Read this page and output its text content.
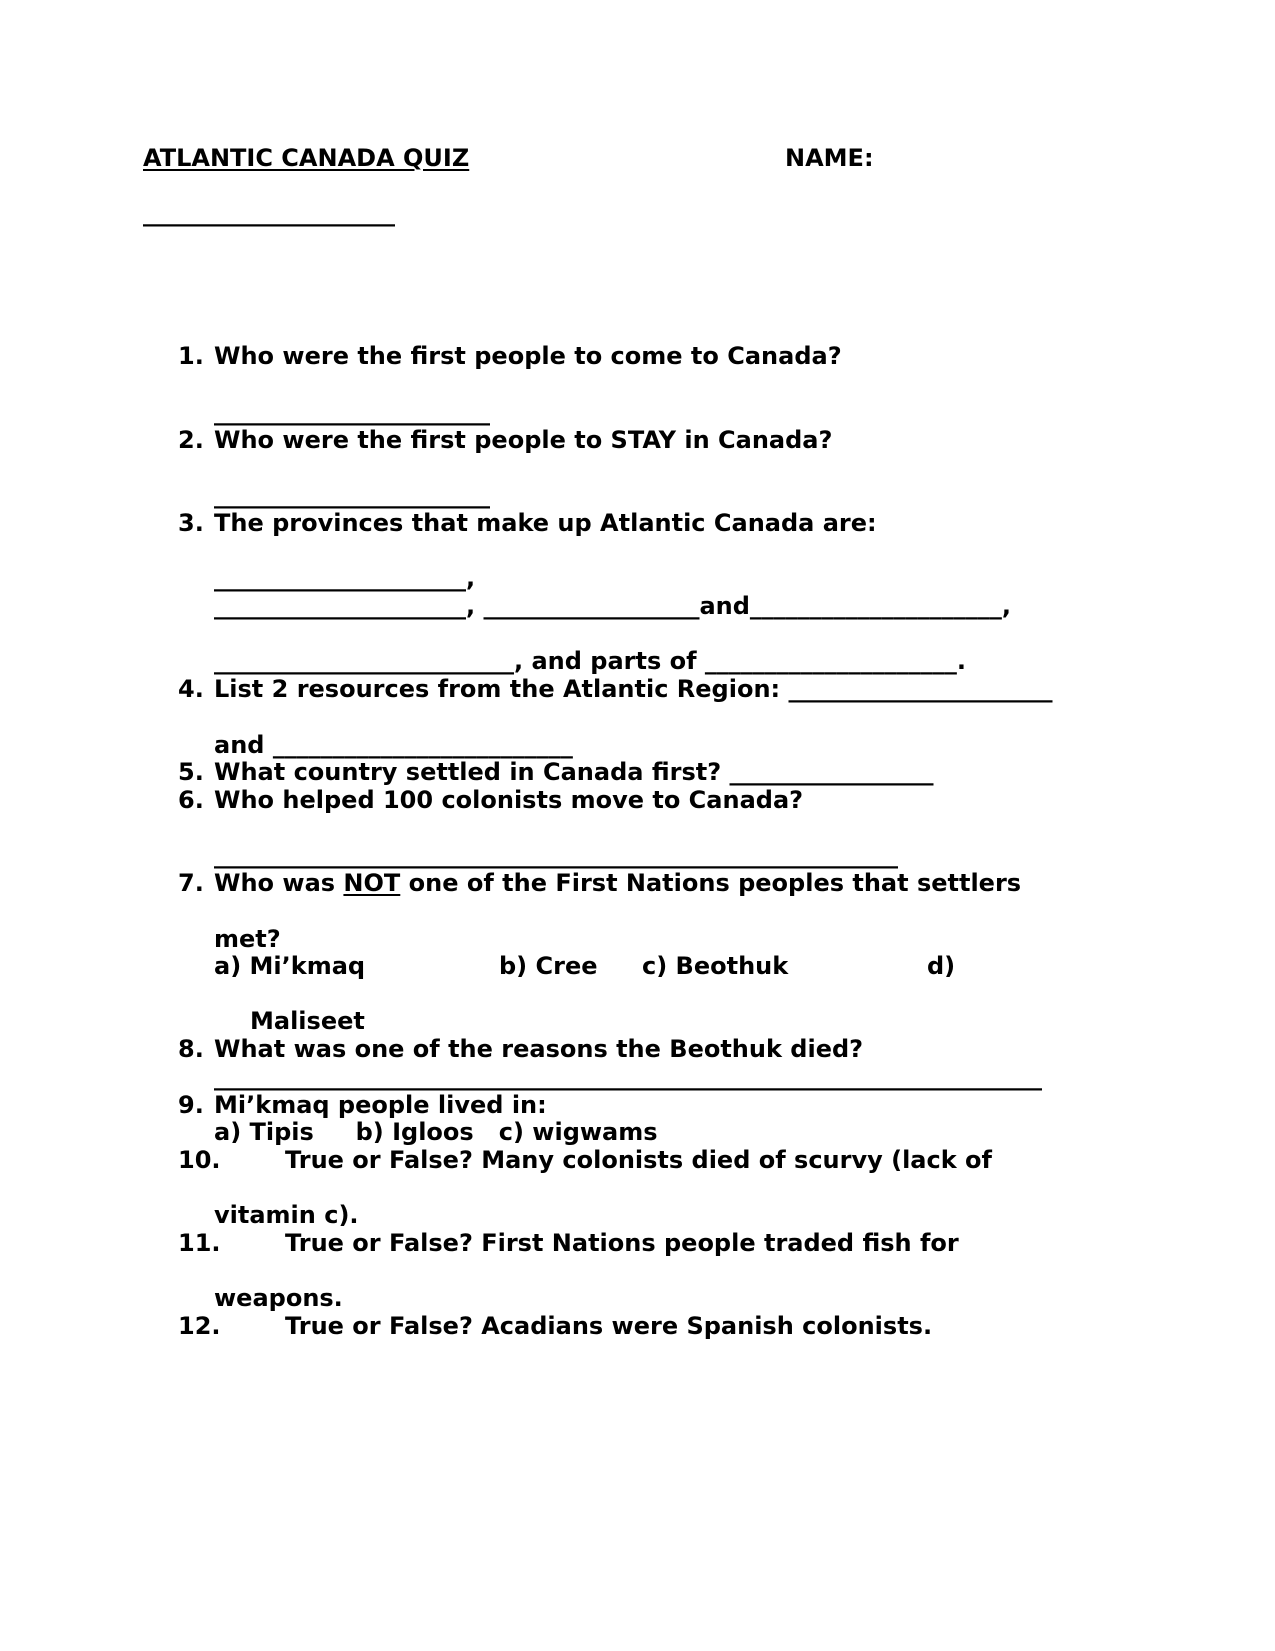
ATLANTIC CANADA QUIZ	NAME:
_____________________
1. Who were the first people to come to Canada?
_______________________
2. Who were the first people to STAY in Canada?
_______________________
3. The provinces that make up Atlantic Canada are:
_____________________,
_____________________, __________________and_____________________,
_________________________, and parts of _____________________.
4. List 2 resources from the Atlantic Region: ______________________
and _________________________
5. What country settled in Canada first? _________________
6. Who helped 100 colonists move to Canada?
_________________________________________________________
7. Who was NOT one of the First Nations peoples that settlers
met?
a) Mi’kmaq	b) Cree c) Beothuk	d)
Maliseet
8. What was one of the reasons the Beothuk died?
_____________________________________________________________________
9. Mi’kmaq people lived in:
a) Tipis     b) Igloos   c) wigwams
10.	True or False? Many colonists died of scurvy (lack of
vitamin c).
11.	True or False? First Nations people traded fish for
weapons.
12.	True or False? Acadians were Spanish colonists.
